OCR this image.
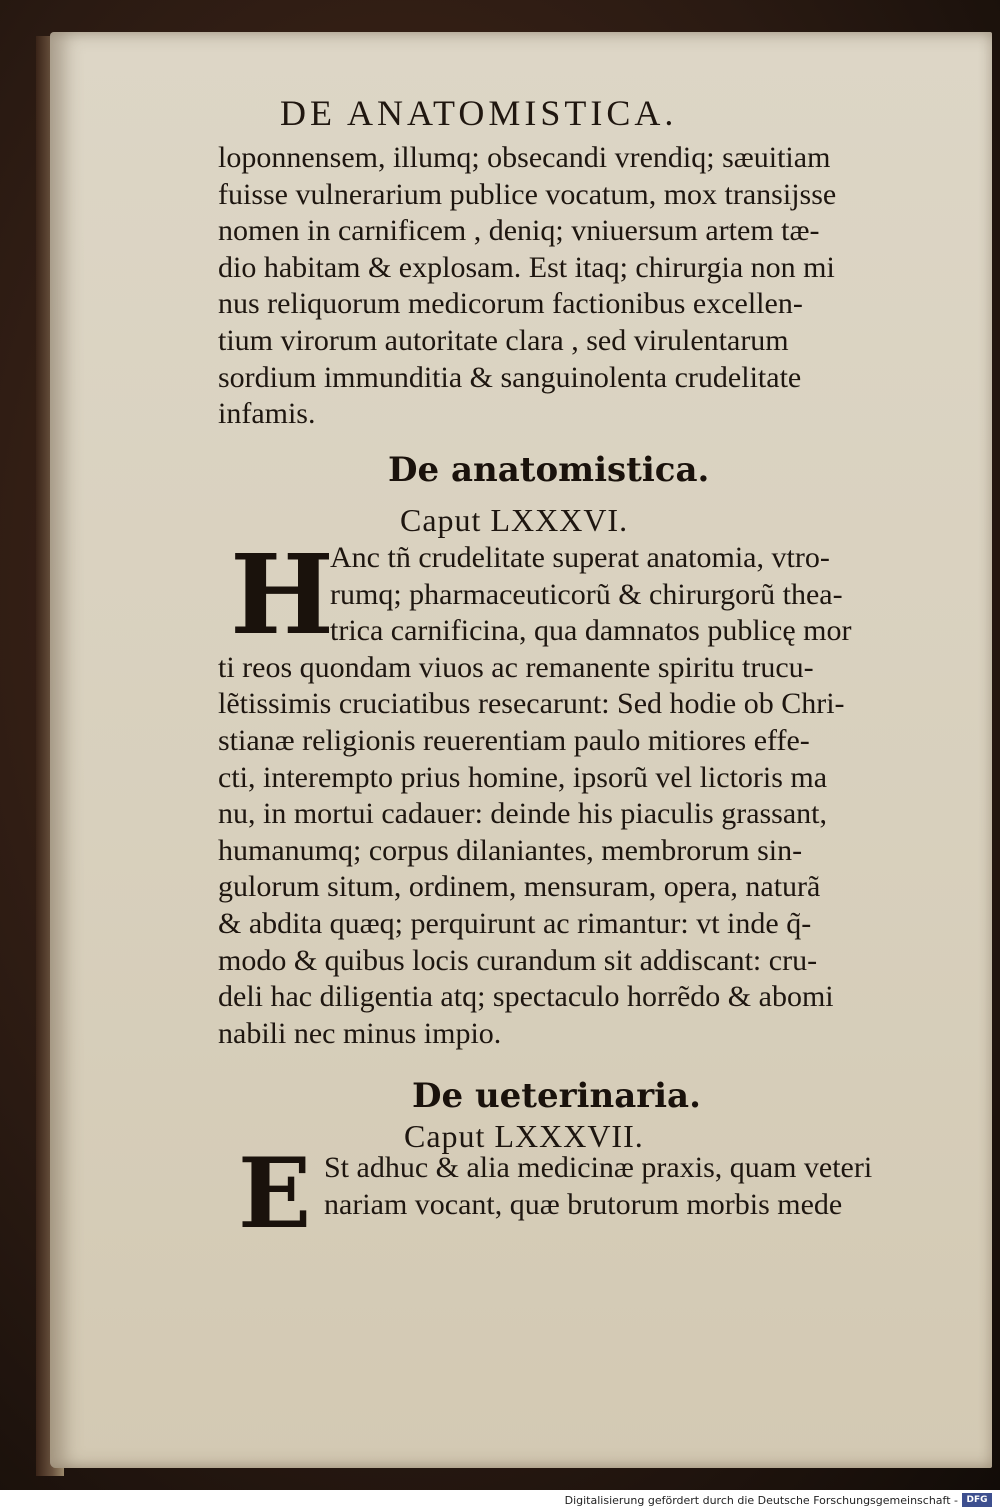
DE ANATOMISTICA.
loponnensem, illumq; obsecandi vrendiq; sæuitiam
fuisse vulnerarium publice vocatum, mox transijsse
nomen in carnificem , deniq; vniuersum artem tæ-
dio habitam & explosam. Est itaq; chirurgia non mi
nus reliquorum medicorum factionibus excellen-
tium virorum autoritate clara , sed virulentarum
sordium immunditia & sanguinolenta crudelitate
infamis.
De anatomistica.
Caput LXXXVI.
H
Anc tñ crudelitate superat anatomia, vtro-
rumq; pharmaceuticorũ & chirurgorũ thea-
trica carnificina, qua damnatos publicę mor
ti reos quondam viuos ac remanente spiritu trucu-
lẽtissimis cruciatibus resecarunt: Sed hodie ob Chri-
stianæ religionis reuerentiam paulo mitiores effe-
cti, interempto prius homine, ipsorũ vel lictoris ma
nu, in mortui cadauer: deinde his piaculis grassant,
humanumq; corpus dilaniantes, membrorum sin-
gulorum situm, ordinem, mensuram, opera, naturã
& abdita quæq; perquirunt ac rimantur: vt inde q̃-
modo & quibus locis curandum sit addiscant: cru-
deli hac diligentia atq; spectaculo horrẽdo & abomi
nabili nec minus impio.
De ueterinaria.
Caput LXXXVII.
E St adhuc & alia medicinæ praxis, quam veteri
nariam vocant, quæ brutorum morbis mede
Digitalisierung gefördert durch die Deutsche Forschungsgemeinschaft - DFG
